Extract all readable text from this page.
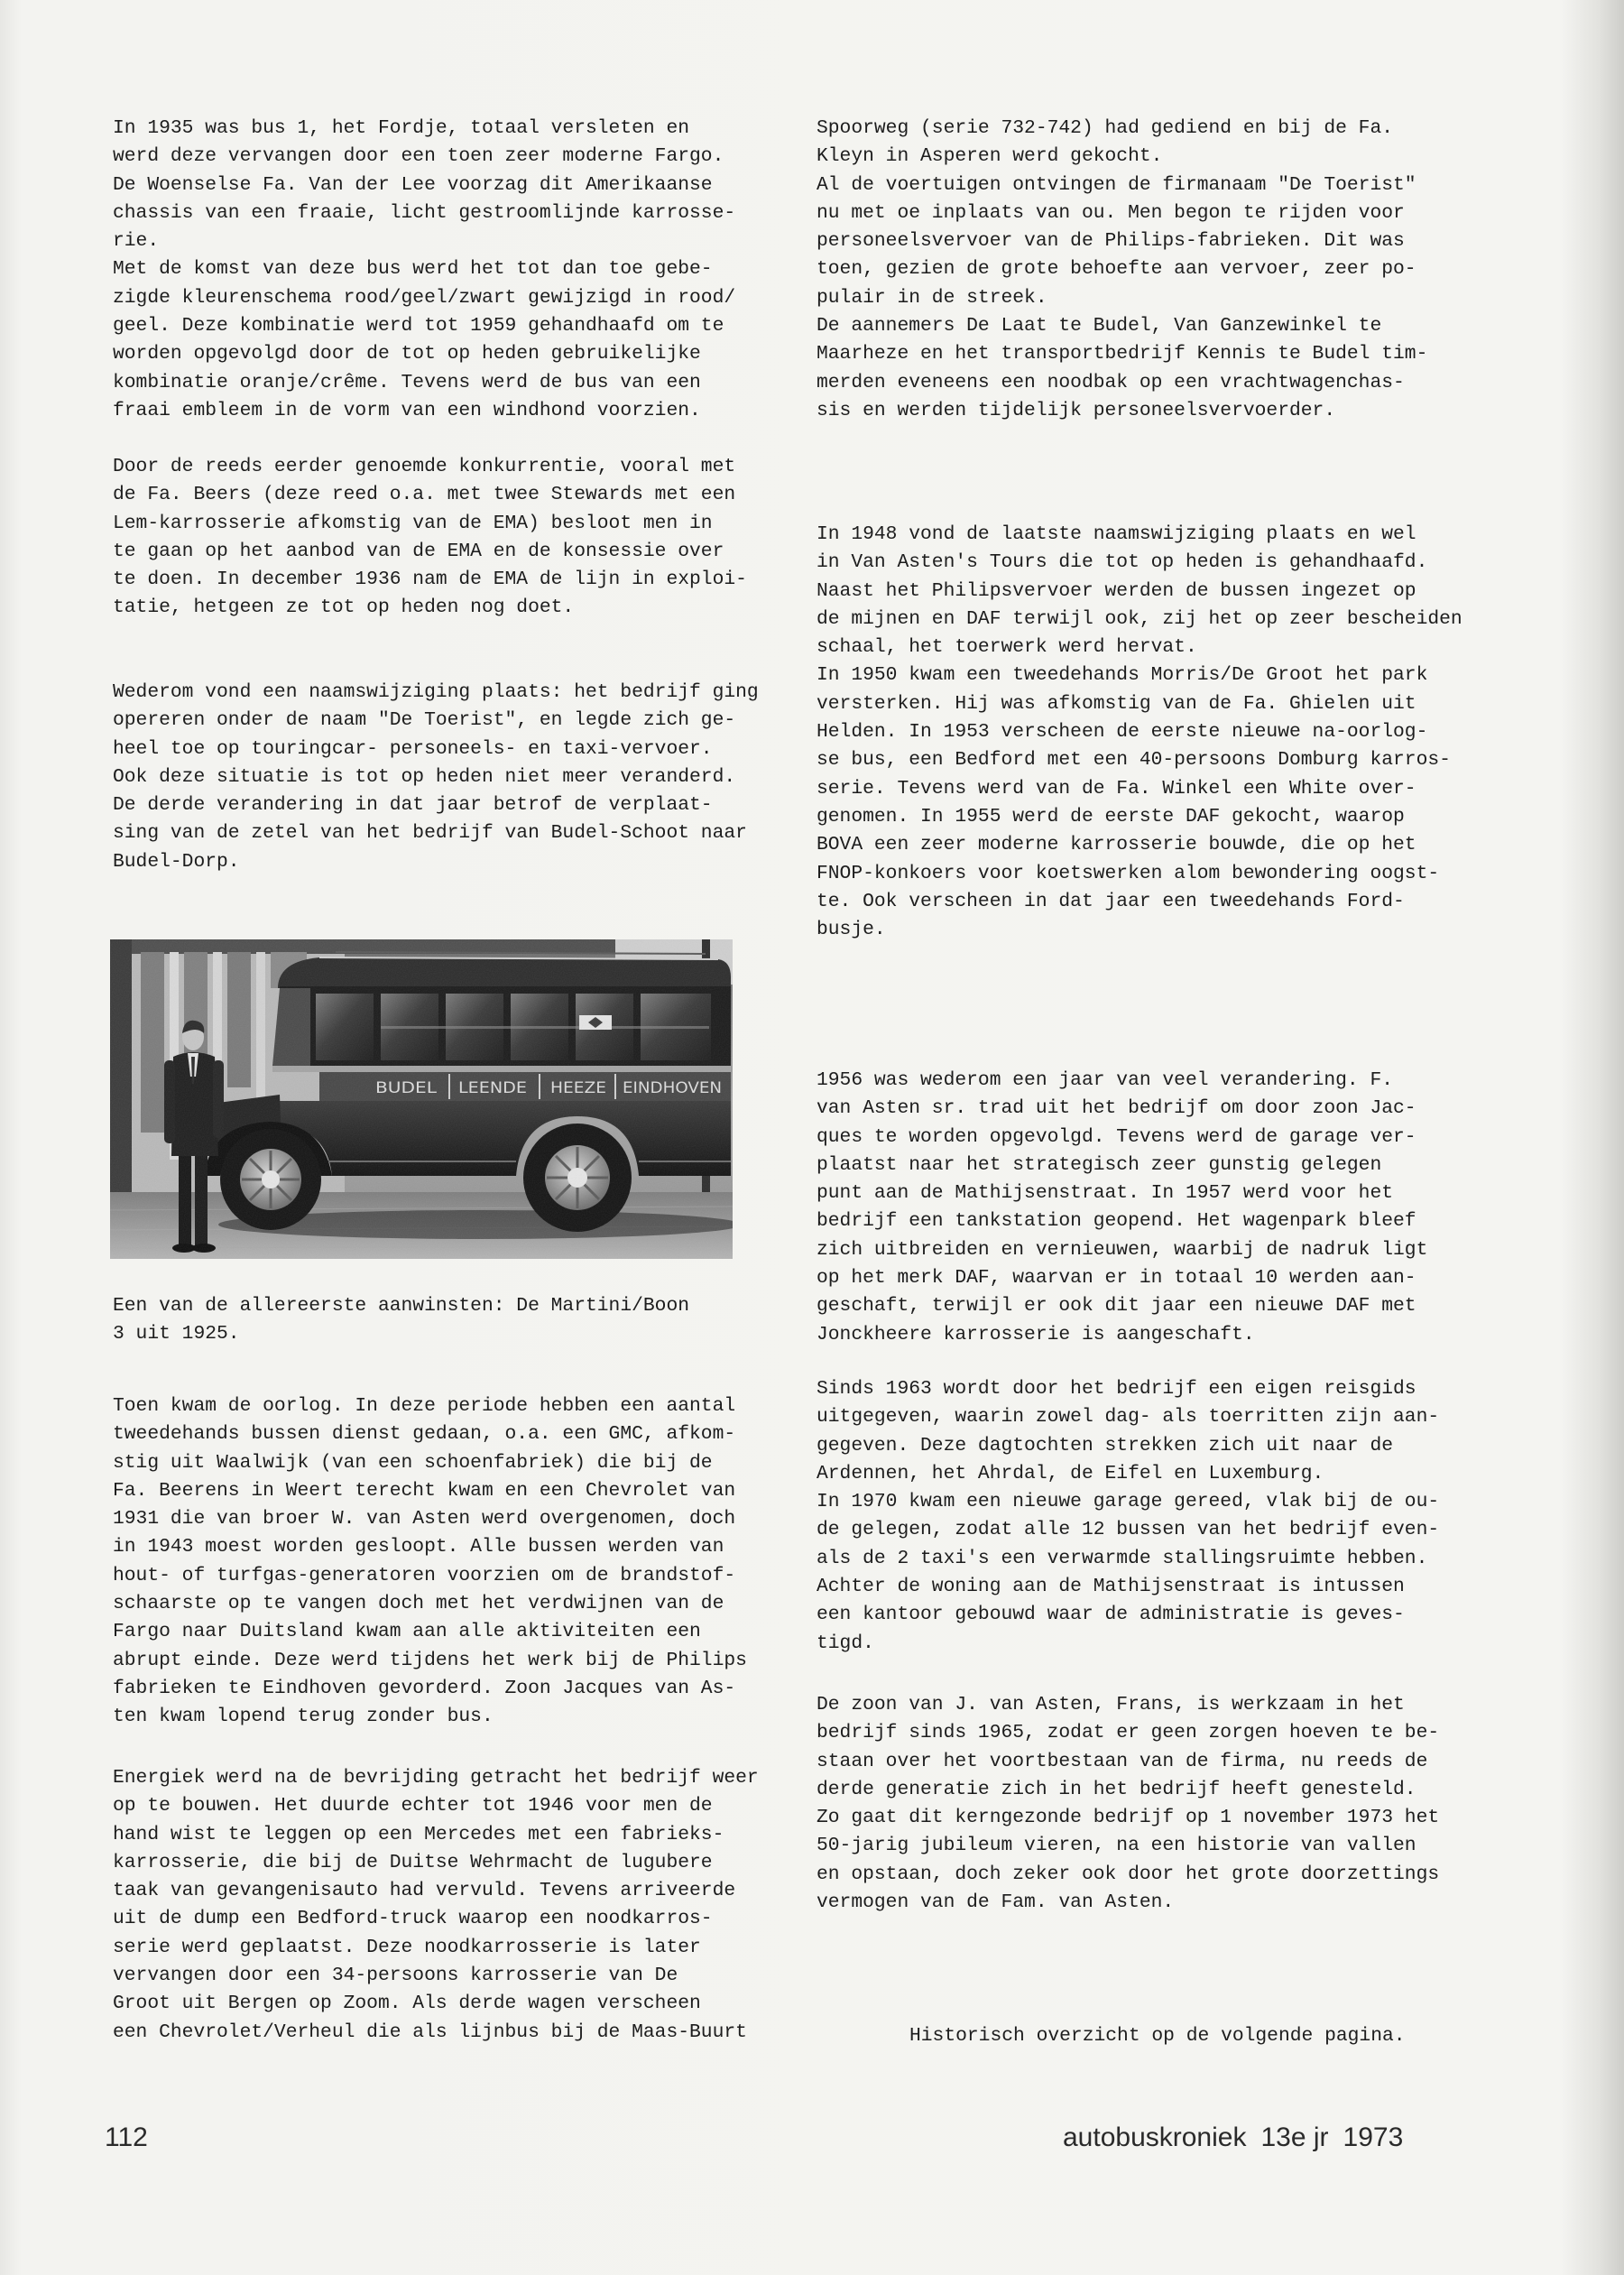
In 1935 was bus 1, het Fordje, totaal versleten en
werd deze vervangen door een toen zeer moderne Fargo.
De Woenselse Fa. Van der Lee voorzag dit Amerikaanse
chassis van een fraaie, licht gestroomlijnde karrosse-
rie.
Met de komst van deze bus werd het tot dan toe gebe-
zigde kleurenschema rood/geel/zwart gewijzigd in rood/
geel. Deze kombinatie werd tot 1959 gehandhaafd om te
worden opgevolgd door de tot op heden gebruikelijke
kombinatie oranje/crême. Tevens werd de bus van een
fraai embleem in de vorm van een windhond voorzien.
Door de reeds eerder genoemde konkurrentie, vooral met
de Fa. Beers (deze reed o.a. met twee Stewards met een
Lem-karrosserie afkomstig van de EMA) besloot men in
te gaan op het aanbod van de EMA en de konsessie over
te doen. In december 1936 nam de EMA de lijn in exploi-
tatie, hetgeen ze tot op heden nog doet.
Wederom vond een naamswijziging plaats: het bedrijf ging
opereren onder de naam "De Toerist", en legde zich ge-
heel toe op touringcar- personeels- en taxi-vervoer.
Ook deze situatie is tot op heden niet meer veranderd.
De derde verandering in dat jaar betrof de verplaat-
sing van de zetel van het bedrijf van Budel-Schoot naar
Budel-Dorp.
BUDEL LEENDE HEEZE EINDHOVEN
Een van de allereerste aanwinsten: De Martini/Boon
3 uit 1925.
Toen kwam de oorlog. In deze periode hebben een aantal
tweedehands bussen dienst gedaan, o.a. een GMC, afkom-
stig uit Waalwijk (van een schoenfabriek) die bij de
Fa. Beerens in Weert terecht kwam en een Chevrolet van
1931 die van broer W. van Asten werd overgenomen, doch
in 1943 moest worden gesloopt. Alle bussen werden van
hout- of turfgas-generatoren voorzien om de brandstof-
schaarste op te vangen doch met het verdwijnen van de
Fargo naar Duitsland kwam aan alle aktiviteiten een
abrupt einde. Deze werd tijdens het werk bij de Philips
fabrieken te Eindhoven gevorderd. Zoon Jacques van As-
ten kwam lopend terug zonder bus.
Energiek werd na de bevrijding getracht het bedrijf weer
op te bouwen. Het duurde echter tot 1946 voor men de
hand wist te leggen op een Mercedes met een fabrieks-
karrosserie, die bij de Duitse Wehrmacht de lugubere
taak van gevangenisauto had vervuld. Tevens arriveerde
uit de dump een Bedford-truck waarop een noodkarros-
serie werd geplaatst. Deze noodkarrosserie is later
vervangen door een 34-persoons karrosserie van De
Groot uit Bergen op Zoom. Als derde wagen verscheen
een Chevrolet/Verheul die als lijnbus bij de Maas-Buurt
Spoorweg (serie 732-742) had gediend en bij de Fa.
Kleyn in Asperen werd gekocht.
Al de voertuigen ontvingen de firmanaam "De Toerist"
nu met oe inplaats van ou. Men begon te rijden voor
personeelsvervoer van de Philips-fabrieken. Dit was
toen, gezien de grote behoefte aan vervoer, zeer po-
pulair in de streek.
De aannemers De Laat te Budel, Van Ganzewinkel te
Maarheze en het transportbedrijf Kennis te Budel tim-
merden eveneens een noodbak op een vrachtwagenchas-
sis en werden tijdelijk personeelsvervoerder.
In 1948 vond de laatste naamswijziging plaats en wel
in Van Asten's Tours die tot op heden is gehandhaafd.
Naast het Philipsvervoer werden de bussen ingezet op
de mijnen en DAF terwijl ook, zij het op zeer bescheiden
schaal, het toerwerk werd hervat.
In 1950 kwam een tweedehands Morris/De Groot het park
versterken. Hij was afkomstig van de Fa. Ghielen uit
Helden. In 1953 verscheen de eerste nieuwe na-oorlog-
se bus, een Bedford met een 40-persoons Domburg karros-
serie. Tevens werd van de Fa. Winkel een White over-
genomen. In 1955 werd de eerste DAF gekocht, waarop
BOVA een zeer moderne karrosserie bouwde, die op het
FNOP-konkoers voor koetswerken alom bewondering oogst-
te. Ook verscheen in dat jaar een tweedehands Ford-
busje.
1956 was wederom een jaar van veel verandering. F.
van Asten sr. trad uit het bedrijf om door zoon Jac-
ques te worden opgevolgd. Tevens werd de garage ver-
plaatst naar het strategisch zeer gunstig gelegen
punt aan de Mathijsenstraat. In 1957 werd voor het
bedrijf een tankstation geopend. Het wagenpark bleef
zich uitbreiden en vernieuwen, waarbij de nadruk ligt
op het merk DAF, waarvan er in totaal 10 werden aan-
geschaft, terwijl er ook dit jaar een nieuwe DAF met
Jonckheere karrosserie is aangeschaft.
Sinds 1963 wordt door het bedrijf een eigen reisgids
uitgegeven, waarin zowel dag- als toerritten zijn aan-
gegeven. Deze dagtochten strekken zich uit naar de
Ardennen, het Ahrdal, de Eifel en Luxemburg.
In 1970 kwam een nieuwe garage gereed, vlak bij de ou-
de gelegen, zodat alle 12 bussen van het bedrijf even-
als de 2 taxi's een verwarmde stallingsruimte hebben.
Achter de woning aan de Mathijsenstraat is intussen
een kantoor gebouwd waar de administratie is geves-
tigd.
De zoon van J. van Asten, Frans, is werkzaam in het
bedrijf sinds 1965, zodat er geen zorgen hoeven te be-
staan over het voortbestaan van de firma, nu reeds de
derde generatie zich in het bedrijf heeft genesteld.
Zo gaat dit kerngezonde bedrijf op 1 november 1973 het
50-jarig jubileum vieren, na een historie van vallen
en opstaan, doch zeker ook door het grote doorzettings
vermogen van de Fam. van Asten.
Historisch overzicht op de volgende pagina.
112	autobuskroniek 13e jr 1973
